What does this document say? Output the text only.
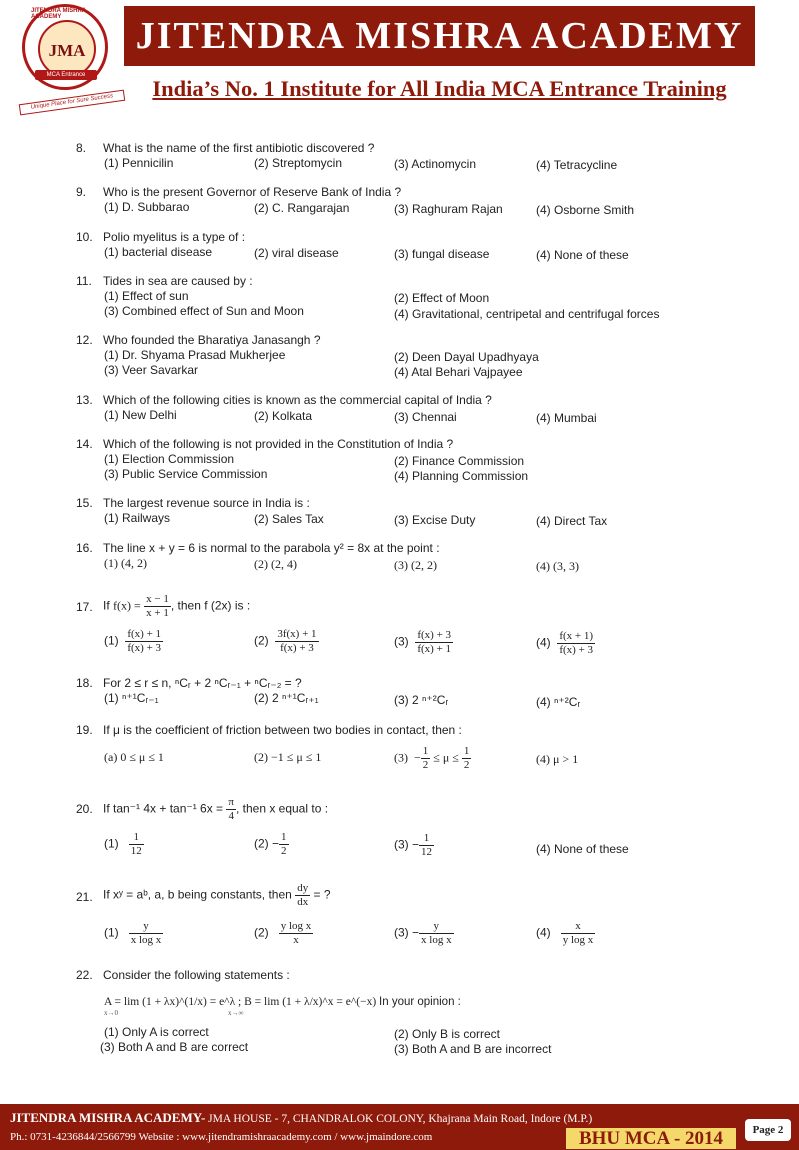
JITENDRA MISHRA ACADEMY
JMA
MCA Entrance
Unique Place for Sure Success
JITENDRA MISHRA ACADEMY
India’s No. 1 Institute for All India MCA Entrance Training
8. What is the name of the first antibiotic discovered ?
(1) Pennicilin	(2) Streptomycin	(3) Actinomycin	(4) Tetracycline
9. Who is the present Governor of Reserve Bank of India ?
(1) D. Subbarao	(2) C. Rangarajan	(3) Raghuram Rajan	(4) Osborne Smith
10. Polio myelitus is a type of :
(1) bacterial disease	(2) viral disease	(3) fungal disease	(4) None of these
11. Tides in sea are caused by :
(1) Effect of sun	(2) Effect of Moon
(3) Combined effect of Sun and Moon	(4) Gravitational, centripetal and centrifugal forces
12. Who founded the Bharatiya Janasangh ?
(1) Dr. Shyama Prasad Mukherjee	(2) Deen Dayal Upadhyaya
(3) Veer Savarkar	(4) Atal Behari Vajpayee
13. Which of the following cities is known as the commercial capital of India ?
(1) New Delhi	(2) Kolkata	(3) Chennai	(4) Mumbai
14. Which of the following is not provided in the Constitution of India ?
(1) Election Commission	(2) Finance Commission
(3) Public Service Commission	(4) Planning Commission
15. The largest revenue source in India is :
(1) Railways	(2) Sales Tax	(3) Excise Duty	(4) Direct Tax
16. The line x + y = 6 is normal to the parabola y² = 8x at the point :
(1) (4, 2)	(2) (2, 4)	(3) (2, 2)	(4) (3, 3)
17. If $f(x) = \frac{x - 1}{x + 1}$ , then f (2x) is :
$(1) \frac{f(x) + 1}{f(x) + 3}$	$(2) \frac{3f(x) + 1}{f(x) + 3}$	$(3) \frac{f(x) + 3}{f(x) + 1}$	$(4) \frac{f(x + 1)}{f(x) + 3}$
18. For 2 ≤ r ≤ n, ⁿCᵣ + 2 ⁿCᵣ₋₁ + ⁿCᵣ₋₂ = ?
(1) ⁿ⁺¹Cᵣ₋₁	(2) 2 ⁿ⁺¹Cᵣ₊₁	(3) 2 ⁿ⁺²Cᵣ	(4) ⁿ⁺²Cᵣ
19. If μ is the coefficient of friction between two bodies in contact, then :
(a) 0 ≤ μ ≤ 1	(2) −1 ≤ μ ≤ 1	$(3) - \frac{1}{2} \le \mu \le \frac{1}{2}$	(4) μ > 1
20. If tan⁻¹ 4x + tan⁻¹ $6x = \frac{\pi}{4}$ , then x equal to :
$(1) \frac{1}{12}$	$(2) - \frac{1}{2}$	$(3) - \frac{1}{12}$	(4) None of these
21. If xʸ = aᵇ, a, b being constants, then $\frac{dy}{dx}$ = ?
$(1) \frac{y}{\text{x log x}}$	$(2) \frac{\text{y log x}}{x}$	$(3) - \frac{y}{\text{x log x}}$	$(4) \frac{x}{\text{y log x}}$
22. Consider the following statements :
A = lim (1 + λx)^(1/x) = e^λ ; B = lim (1 + λ/x)^x = e^(−x) In your opinion :
x→0	x→∞
(1) Only A is correct	(2) Only B is correct
(3) Both A and B are correct	(3) Both A and B are incorrect
JITENDRA MISHRA ACADEMY- JMA HOUSE - 7, CHANDRALOK COLONY, Khajrana Main Road, Indore (M.P.)
Ph.: 0731-4236844/2566799 Website : www.jitendramishraacademy.com / www.jmaindore.com	BHU MCA - 2014	Page 2
